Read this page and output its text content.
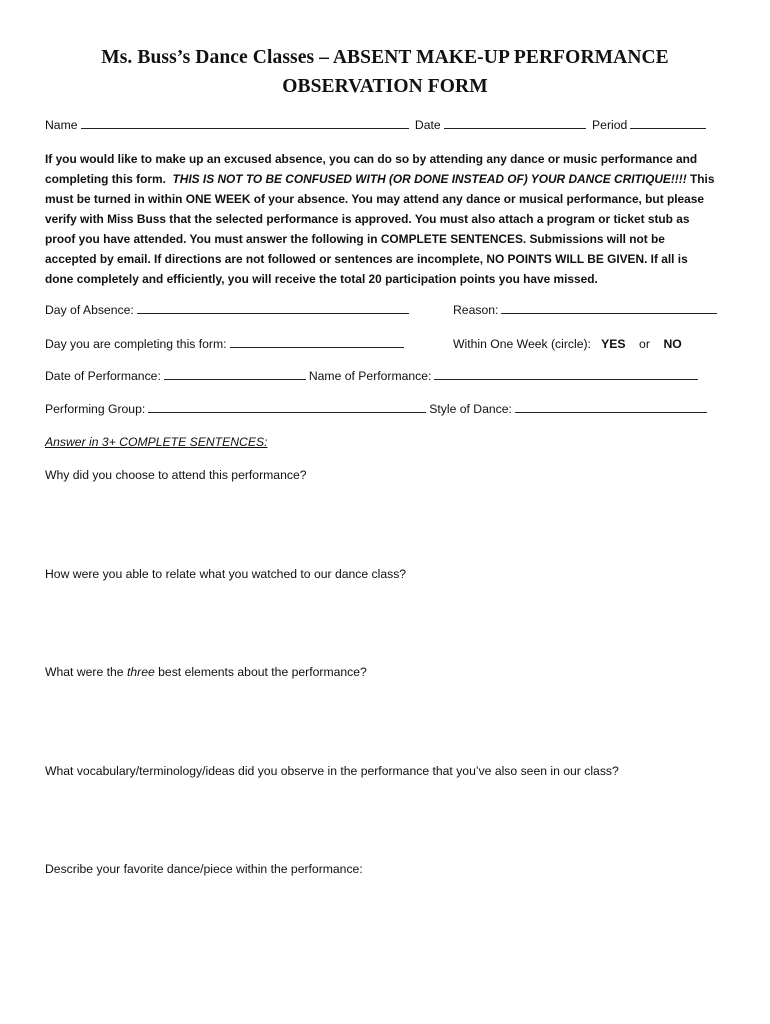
Ms. Buss’s Dance Classes – ABSENT MAKE-UP PERFORMANCE
OBSERVATION FORM
Name	Date	Period
If you would like to make up an excused absence, you can do so by attending any dance or music performance and
completing this form. THIS IS NOT TO BE CONFUSED WITH (OR DONE INSTEAD OF) YOUR DANCE CRITIQUE!!!! This
must be turned in within ONE WEEK of your absence. You may attend any dance or musical performance, but please
verify with Miss Buss that the selected performance is approved. You must also attach a program or ticket stub as
proof you have attended. You must answer the following in COMPLETE SENTENCES. Submissions will not be
accepted by email. If directions are not followed or sentences are incomplete, NO POINTS WILL BE GIVEN. If all is
done completely and efficiently, you will receive the total 20 participation points you have missed.
Day of Absence:	Reason:
Day you are completing this form:	Within One Week (circle): YES or NO
Date of Performance:	Name of Performance:
Performing Group:	Style of Dance:
Answer in 3+ COMPLETE SENTENCES:
Why did you choose to attend this performance?
How were you able to relate what you watched to our dance class?
What were the three best elements about the performance?
What vocabulary/terminology/ideas did you observe in the performance that you’ve also seen in our class?
Describe your favorite dance/piece within the performance:
